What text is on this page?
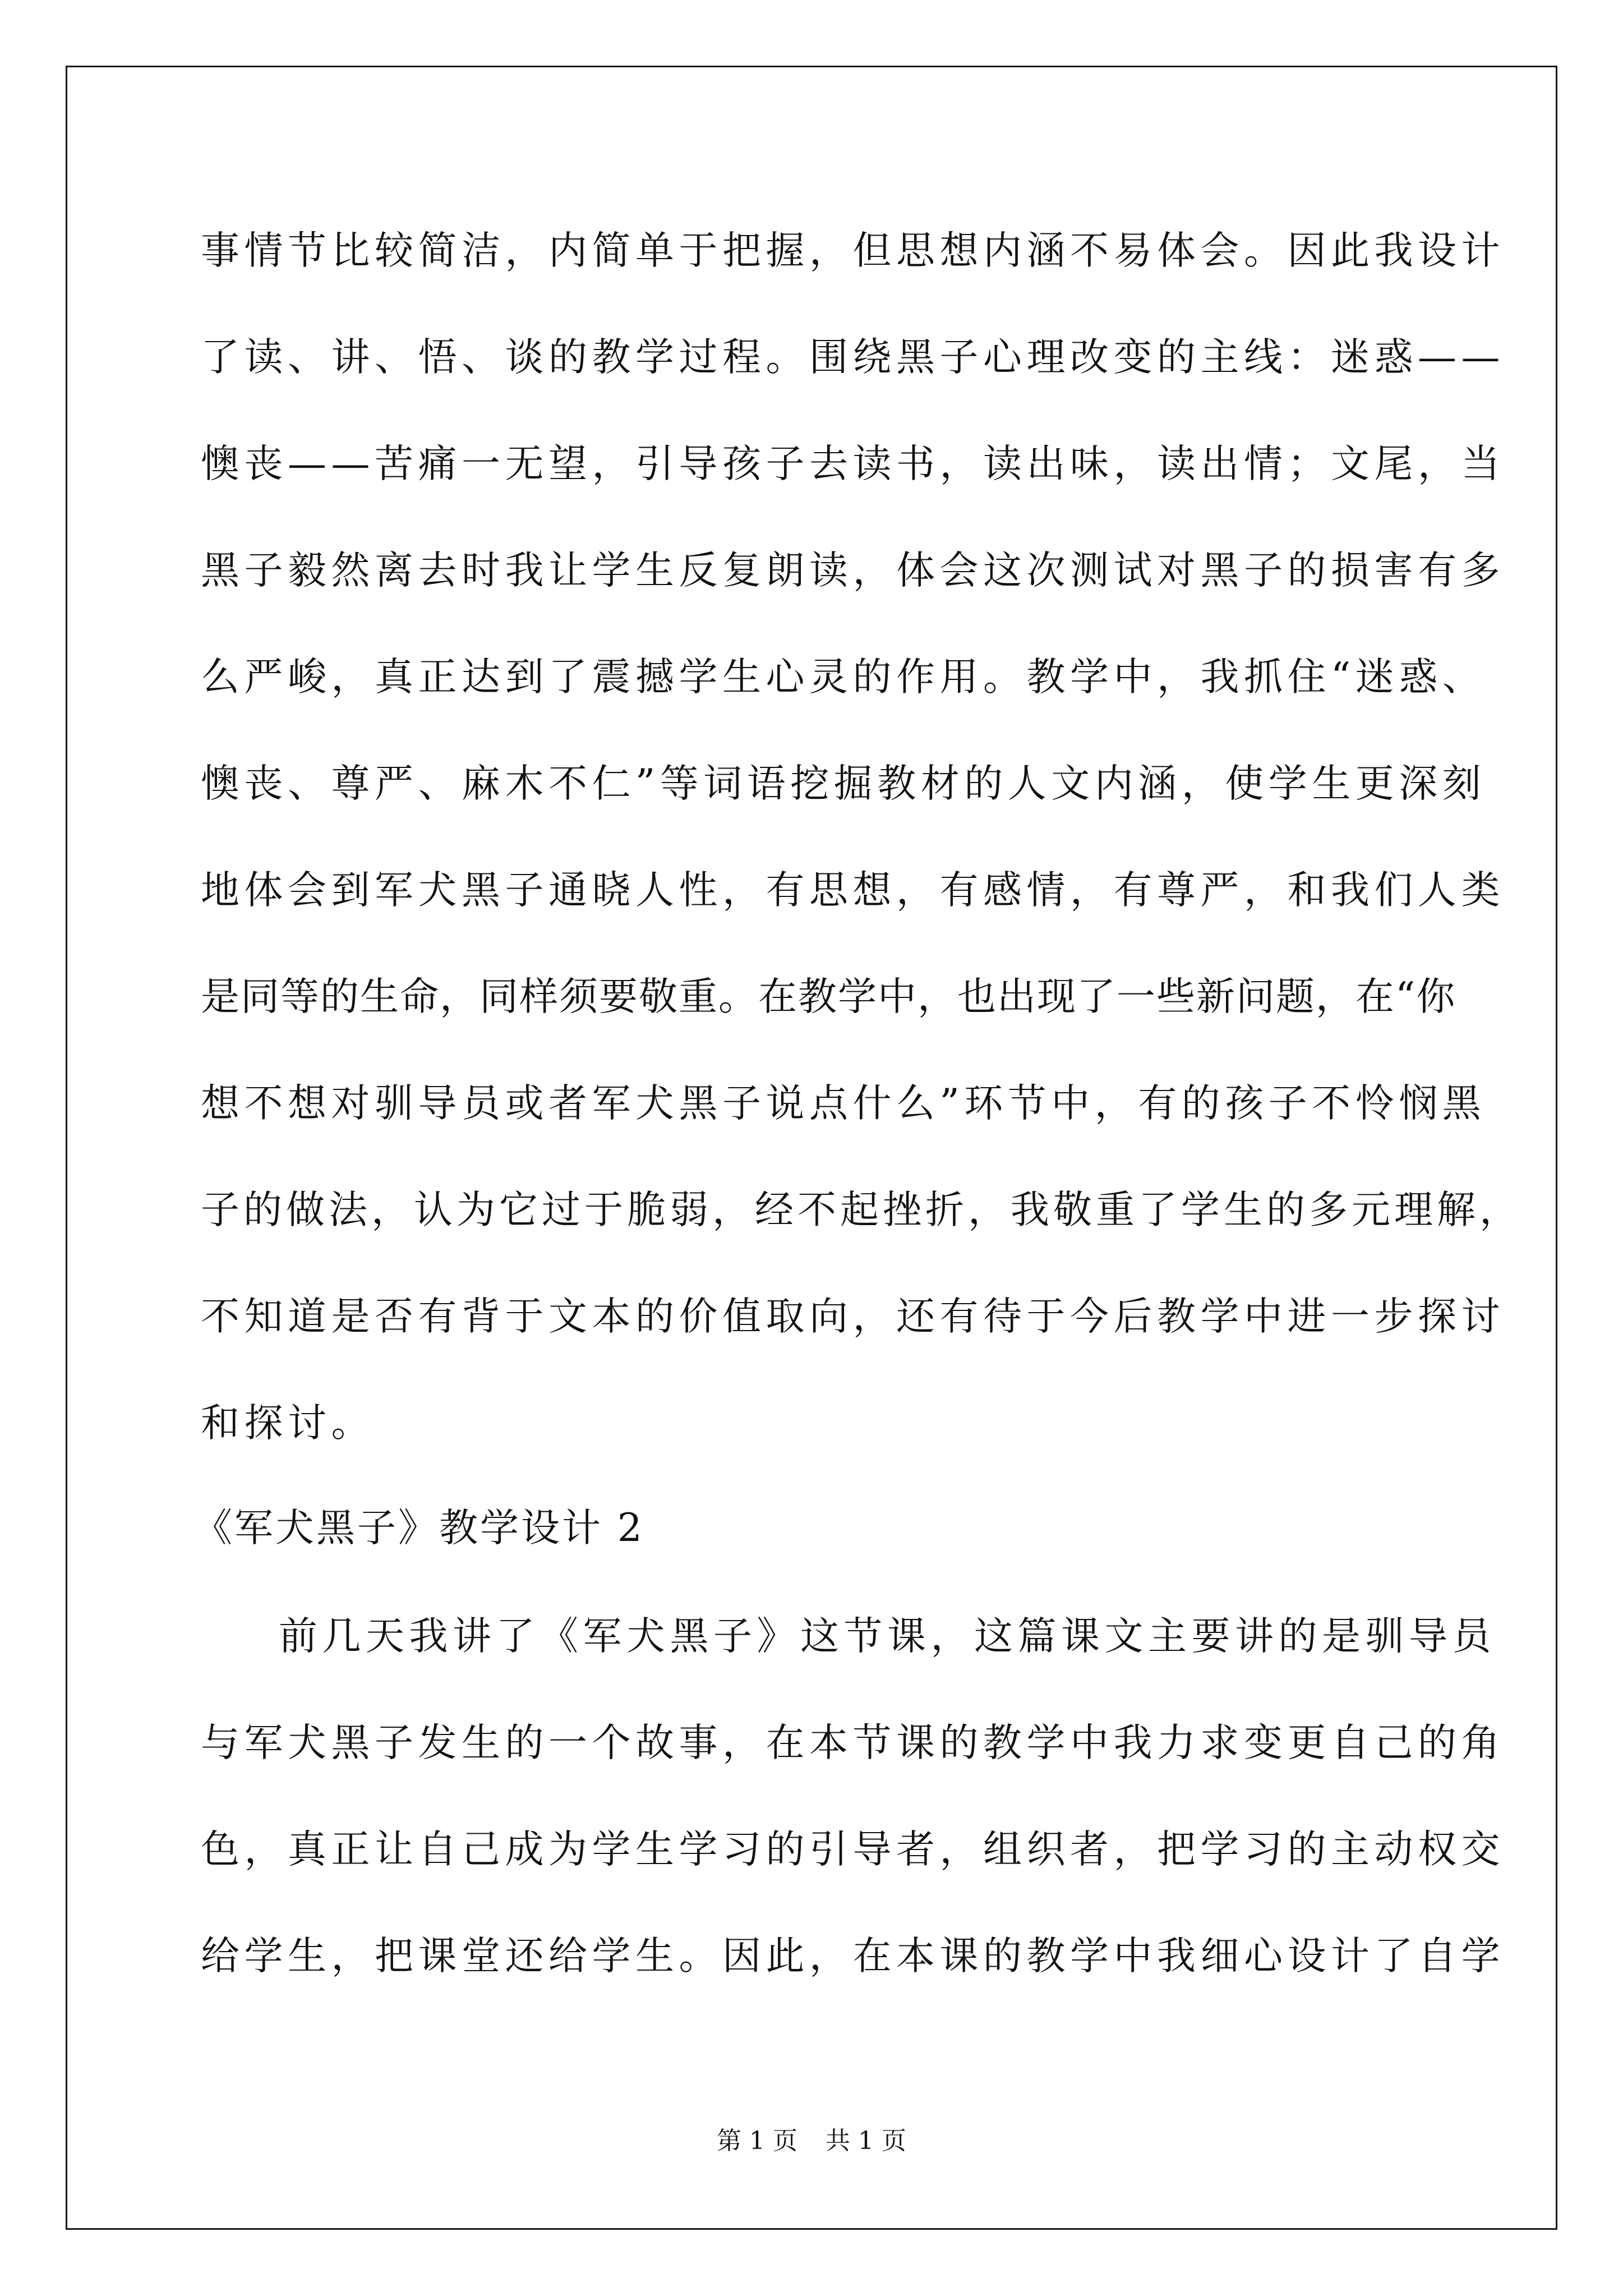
事情节比较简洁，内简单于把握，但思想内涵不易体会。因此我设计
了读、讲、悟、谈的教学过程。围绕黑子心理改变的主线：迷惑——
懊丧——苦痛一无望，引导孩子去读书，读出味，读出情；文尾，当
黑子毅然离去时我让学生反复朗读，体会这次测试对黑子的损害有多
么严峻，真正达到了震撼学生心灵的作用。教学中，我抓住“迷惑、
懊丧、尊严、麻木不仁”等词语挖掘教材的人文内涵，使学生更深刻
地体会到军犬黑子通晓人性，有思想，有感情，有尊严，和我们人类
是同等的生命，同样须要敬重。在教学中，也出现了一些新问题，在“你
想不想对驯导员或者军犬黑子说点什么”环节中，有的孩子不怜悯黑
子的做法，认为它过于脆弱，经不起挫折，我敬重了学生的多元理解，
不知道是否有背于文本的价值取向，还有待于今后教学中进一步探讨
和探讨。
《军犬黑子》教学设计 2
前几天我讲了《军犬黑子》这节课，这篇课文主要讲的是驯导员
与军犬黑子发生的一个故事，在本节课的教学中我力求变更自己的角
色，真正让自己成为学生学习的引导者，组织者，把学习的主动权交
给学生，把课堂还给学生。因此，在本课的教学中我细心设计了自学
第 1 页 共 1 页
